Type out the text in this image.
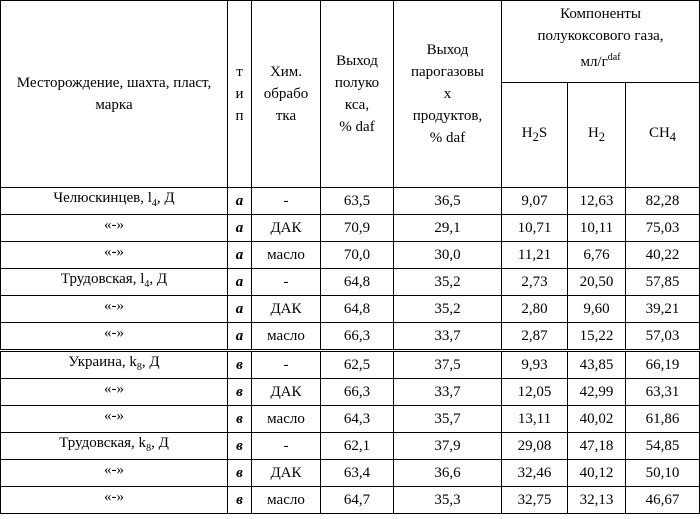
Месторождение, шахта, пласт, марка	т
и
п	Хим.
обрабо
тка	Выход
полуко
кса,
% daf	Выход
парогазовы
х
продуктов,
% daf	Компоненты
полукоксового газа,
$мл/г^{daf}$
					$H_2S$	$H_2$	$CH_4$
Челюскинцев, $l_4$, Д	а	-	63,5	36,5	9,07	12,63	82,28
«-»	а	ДАК	70,9	29,1	10,71	10,11	75,03
«-»	а	масло	70,0	30,0	11,21	6,76	40,22
Трудовская, $l_4$, Д	а	-	64,8	35,2	2,73	20,50	57,85
«-»	а	ДАК	64,8	35,2	2,80	9,60	39,21
«-»	а	масло	66,3	33,7	2,87	15,22	57,03
Украина, $k_8$, Д	в	-	62,5	37,5	9,93	43,85	66,19
«-»	в	ДАК	66,3	33,7	12,05	42,99	63,31
«-»	в	масло	64,3	35,7	13,11	40,02	61,86
Трудовская, $k_8$, Д	в	-	62,1	37,9	29,08	47,18	54,85
«-»	в	ДАК	63,4	36,6	32,46	40,12	50,10
«-»	в	масло	64,7	35,3	32,75	32,13	46,67
